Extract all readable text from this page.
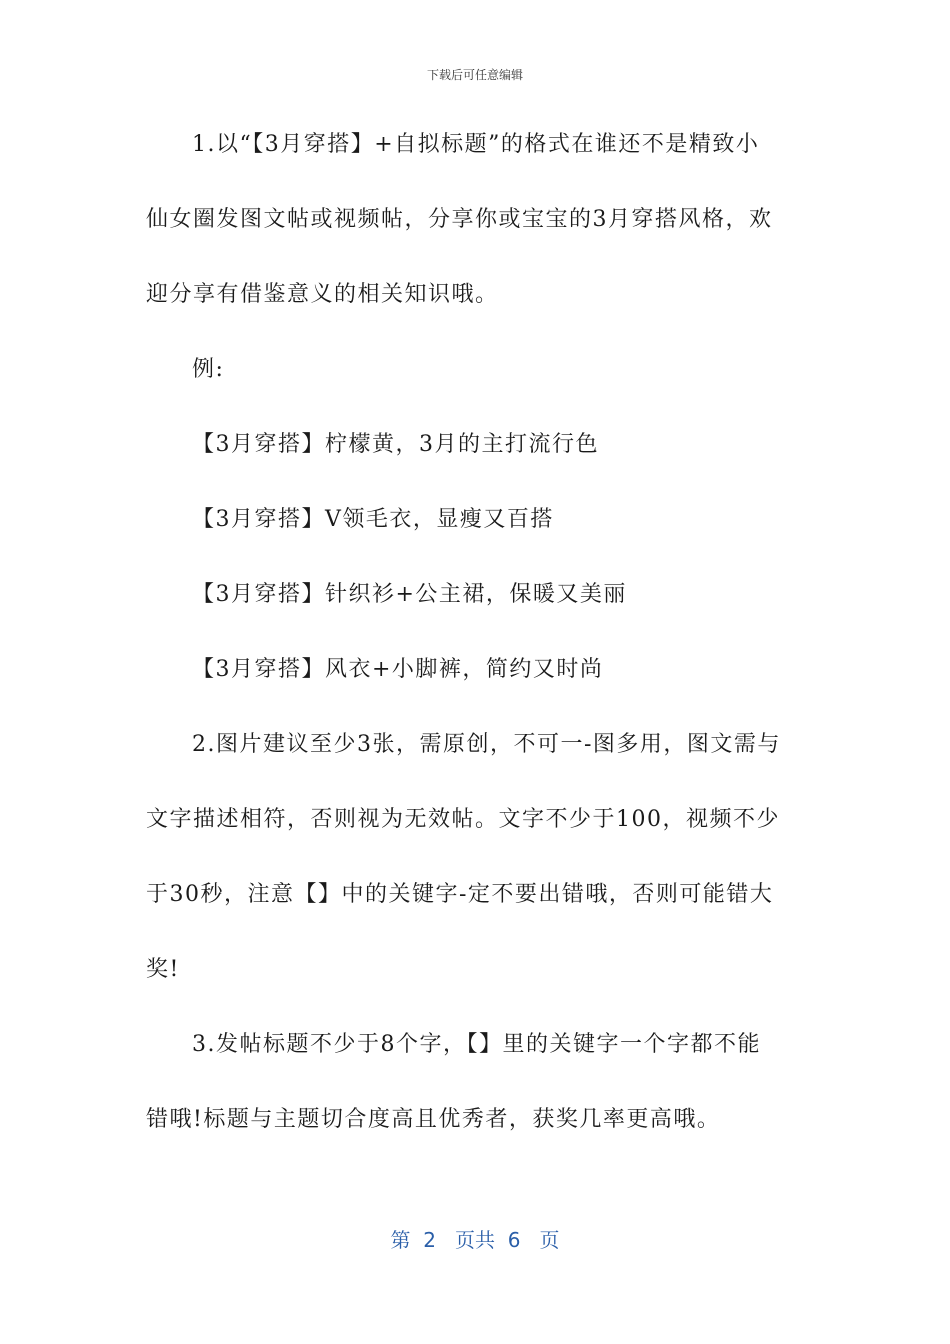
下载后可任意编辑
1.以“【3月穿搭】+自拟标题”的格式在谁还不是精致小
仙女圈发图文帖或视频帖，分享你或宝宝的3月穿搭风格，欢
迎分享有借鉴意义的相关知识哦。
例:
【3月穿搭】柠檬黄，3月的主打流行色
【3月穿搭】V领毛衣，显瘦又百搭
【3月穿搭】针织衫+公主裙，保暖又美丽
【3月穿搭】风衣+小脚裤，简约又时尚
2.图片建议至少3张，需原创，不可一-图多用，图文需与
文字描述相符，否则视为无效帖。文字不少于100，视频不少
于30秒，注意【】中的关键字-定不要出错哦，否则可能错大
奖!
3.发帖标题不少于8个字，【】里的关键字一个字都不能
错哦!标题与主题切合度高且优秀者，获奖几率更高哦。
第  2   页共  6   页
